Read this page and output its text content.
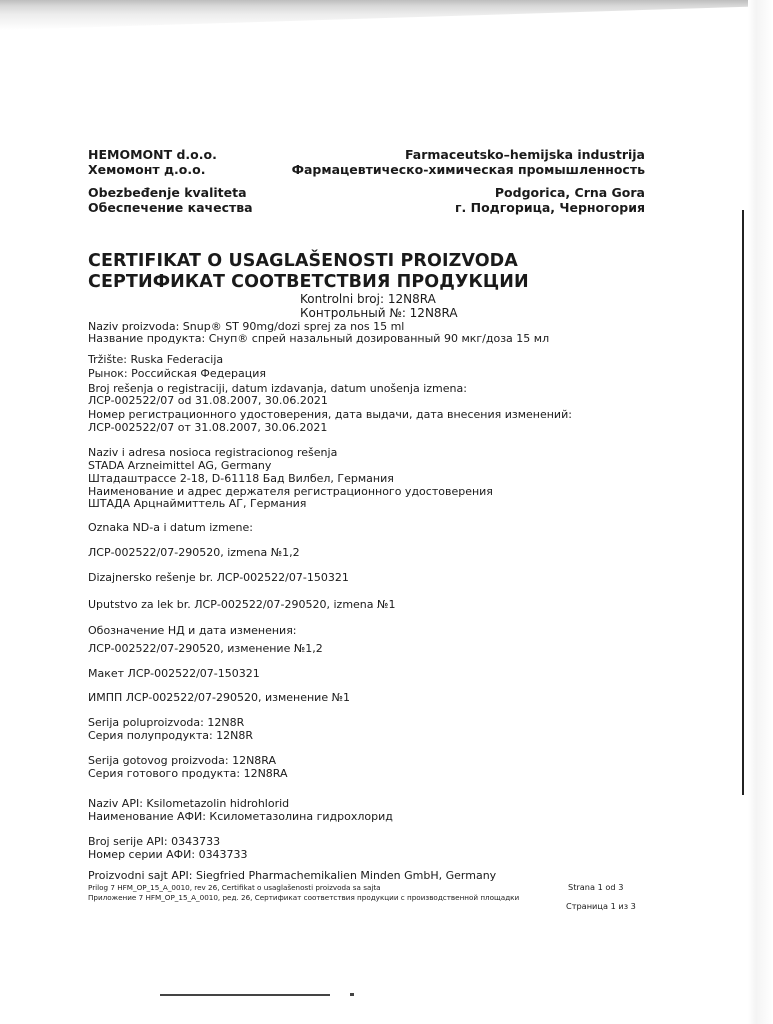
HEMOMONT d.o.o.
Хемомонт д.о.о.
Obezbeđenje kvaliteta
Обеспечение качества
Farmaceutsko–hemijska industrija
Фармацевтическо-химическая промышленность
Podgorica, Crna Gora
г. Подгорица, Черногория
CERTIFIKAT O USAGLAŠENOSTI PROIZVODA
СЕРТИФИКАТ СООТВЕТСТВИЯ ПРОДУКЦИИ
Kontrolni broj: 12N8RA
Контрольный №: 12N8RA
Naziv proizvoda: Snup® ST 90mg/dozi sprej za nos 15 ml
Название продукта: Снуп® спрей назальный дозированный 90 мкг/доза 15 мл
Tržište: Ruska Federacija
Рынок: Российская Федерация
Broj rešenja o registraciji, datum izdavanja, datum unošenja izmena:
ЛСР-002522/07 od 31.08.2007, 30.06.2021
Номер регистрационного удостоверения, дата выдачи, дата внесения изменений:
ЛСР-002522/07 от 31.08.2007, 30.06.2021
Naziv i adresa nosioca registracionog rešenja
STADA Arzneimittel AG, Germany
Штадаштрассе 2-18, D-61118 Бад Вилбел, Германия
Наименование и адрес держателя регистрационного удостоверения
ШТАДА Арцнаймиттель АГ, Германия
Oznaka ND-a i datum izmene:
ЛСР-002522/07-290520, izmena №1,2
Dizajnersko rešenje br. ЛСР-002522/07-150321
Uputstvo za lek br. ЛСР-002522/07-290520, izmena №1
Обозначение НД и дата изменения:
ЛСР-002522/07-290520, изменение №1,2
Макет ЛСР-002522/07-150321
ИМПП ЛСР-002522/07-290520, изменение №1
Serija poluproizvoda: 12N8R
Серия полупродукта: 12N8R
Serija gotovog proizvoda: 12N8RA
Серия готового продукта: 12N8RA
Naziv API: Ksilometazolin hidrohlorid
Наименование АФИ: Ксилометазолина гидрохлорид
Broj serije API: 0343733
Номер серии АФИ: 0343733
Proizvodni sajt API: Siegfried Pharmachemikalien Minden GmbH, Germany
Prilog 7 HFM_OP_15_A_0010, rev 26, Certifikat o usaglašenosti proizvoda sa sajta
Приложение 7 HFM_OP_15_A_0010, ред. 26, Сертификат соответствия продукции с производственной площадки
Strana 1 od 3
Страница 1 из 3
